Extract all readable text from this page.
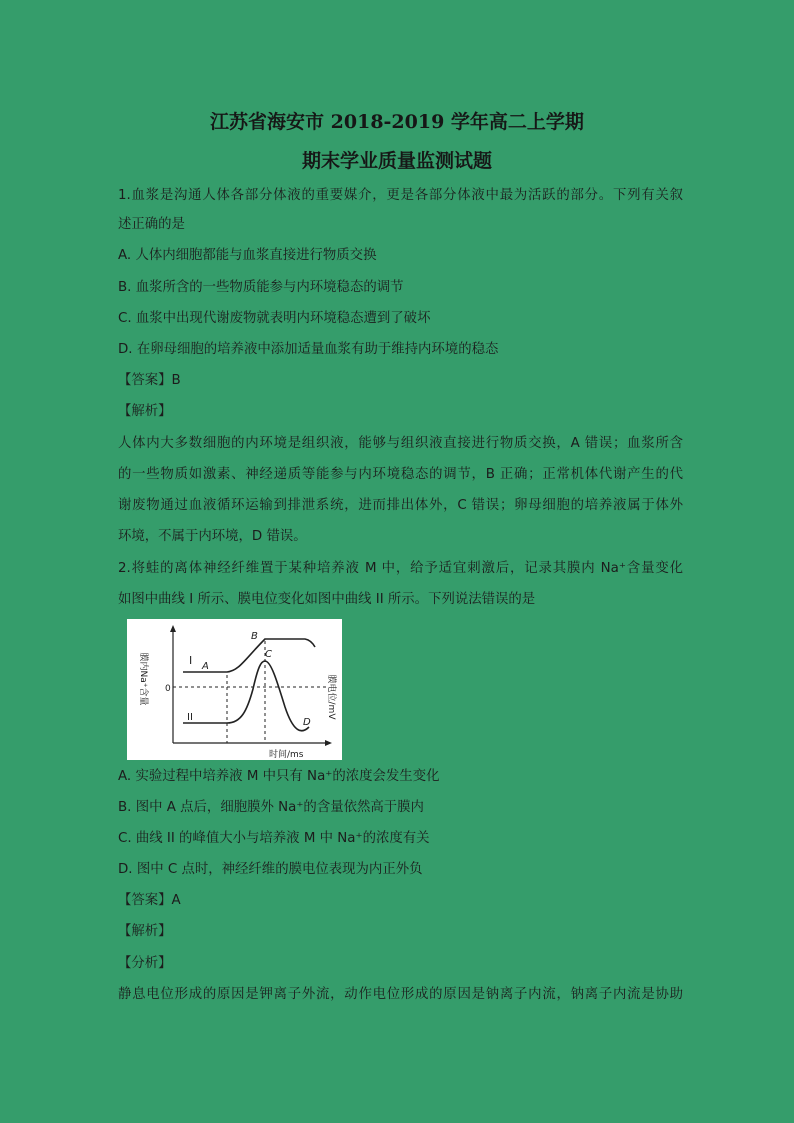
江苏省海安市 2018-2019 学年高二上学期
期末学业质量监测试题
1.血浆是沟通人体各部分体液的重要媒介，更是各部分体液中最为活跃的部分。下列有关叙
述正确的是
A. 人体内细胞都能与血浆直接进行物质交换
B. 血浆所含的一些物质能参与内环境稳态的调节
C. 血浆中出现代谢废物就表明内环境稳态遭到了破坏
D. 在卵母细胞的培养液中添加适量血浆有助于维持内环境的稳态
【答案】B
【解析】
人体内大多数细胞的内环境是组织液，能够与组织液直接进行物质交换，A 错误；血浆所含
的一些物质如激素、神经递质等能参与内环境稳态的调节，B 正确；正常机体代谢产生的代
谢废物通过血液循环运输到排泄系统，进而排出体外，C 错误；卵母细胞的培养液属于体外
环境，不属于内环境，D 错误。
2.将蛙的离体神经纤维置于某种培养液 M 中，给予适宜刺激后，记录其膜内 Na⁺含量变化
如图中曲线 I 所示、膜电位变化如图中曲线 II 所示。下列说法错误的是
I
II
A
B
C
D
0
膜内Na⁺含量	膜电位/mV
时间/ms
A. 实验过程中培养液 M 中只有 Na⁺的浓度会发生变化
B. 图中 A 点后，细胞膜外 Na⁺的含量依然高于膜内
C. 曲线 II 的峰值大小与培养液 M 中 Na⁺的浓度有关
D. 图中 C 点时，神经纤维的膜电位表现为内正外负
【答案】A
【解析】
【分析】
静息电位形成的原因是钾离子外流，动作电位形成的原因是钠离子内流，钠离子内流是协助
